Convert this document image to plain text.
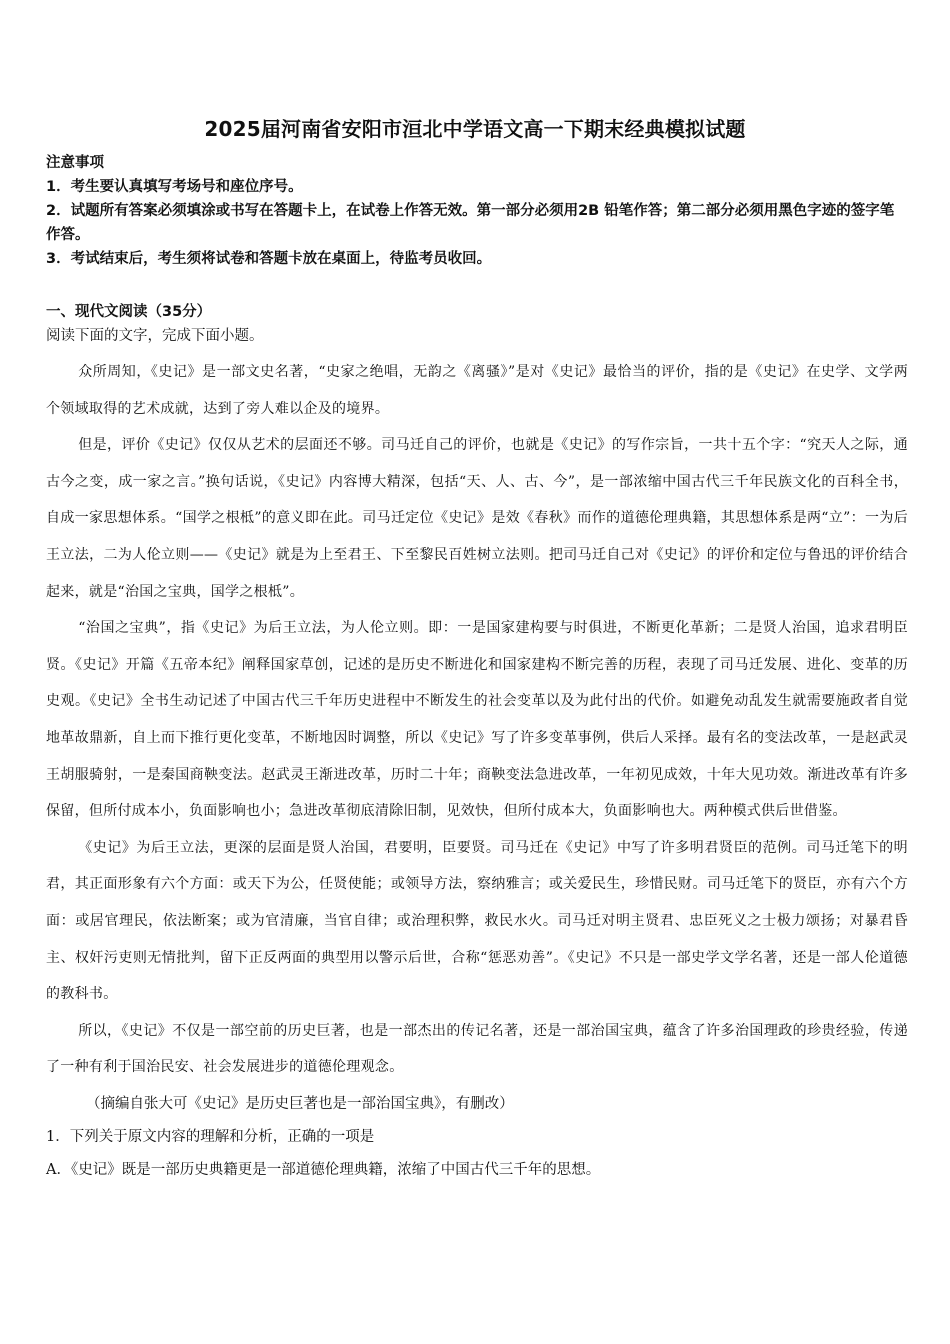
2025届河南省安阳市洹北中学语文高一下期末经典模拟试题
注意事项
1．考生要认真填写考场号和座位序号。
2．试题所有答案必须填涂或书写在答题卡上，在试卷上作答无效。第一部分必须用2B 铅笔作答；第二部分必须用黑色字迹的签字笔作答。
3．考试结束后，考生须将试卷和答题卡放在桌面上，待监考员收回。
一、现代文阅读（35分）
阅读下面的文字，完成下面小题。

众所周知，《史记》是一部文史名著，“史家之绝唱，无韵之《离骚》”是对《史记》最恰当的评价，指的是《史记》在史学、文学两个领域取得的艺术成就，达到了旁人难以企及的境界。

但是，评价《史记》仅仅从艺术的层面还不够。司马迁自己的评价，也就是《史记》的写作宗旨，一共十五个字：“究天人之际，通古今之变，成一家之言。”换句话说，《史记》内容博大精深，包括“天、人、古、今”，是一部浓缩中国古代三千年民族文化的百科全书，自成一家思想体系。“国学之根柢”的意义即在此。司马迁定位《史记》是效《春秋》而作的道德伦理典籍，其思想体系是两“立”：一为后王立法，二为人伦立则——《史记》就是为上至君王、下至黎民百姓树立法则。把司马迁自己对《史记》的评价和定位与鲁迅的评价结合起来，就是“治国之宝典，国学之根柢”。

“治国之宝典”，指《史记》为后王立法，为人伦立则。即：一是国家建构要与时俱进，不断更化革新；二是贤人治国，追求君明臣贤。《史记》开篇《五帝本纪》阐释国家草创，记述的是历史不断进化和国家建构不断完善的历程，表现了司马迁发展、进化、变革的历史观。《史记》全书生动记述了中国古代三千年历史进程中不断发生的社会变革以及为此付出的代价。如避免动乱发生就需要施政者自觉地革故鼎新，自上而下推行更化变革，不断地因时调整，所以《史记》写了许多变革事例，供后人采择。最有名的变法改革，一是赵武灵王胡服骑射，一是秦国商鞅变法。赵武灵王渐进改革，历时二十年；商鞅变法急进改革，一年初见成效，十年大见功效。渐进改革有许多保留，但所付成本小，负面影响也小；急进改革彻底清除旧制，见效快，但所付成本大，负面影响也大。两种模式供后世借鉴。

《史记》为后王立法，更深的层面是贤人治国，君要明，臣要贤。司马迁在《史记》中写了许多明君贤臣的范例。司马迁笔下的明君，其正面形象有六个方面：或天下为公，任贤使能；或领导方法，察纳雅言；或关爱民生，珍惜民财。司马迁笔下的贤臣，亦有六个方面：或居官理民，依法断案；或为官清廉，当官自律；或治理积弊，救民水火。司马迁对明主贤君、忠臣死义之士极力颂扬；对暴君昏主、权奸污吏则无情批判，留下正反两面的典型用以警示后世，合称“惩恶劝善”。《史记》不只是一部史学文学名著，还是一部人伦道德的教科书。

所以，《史记》不仅是一部空前的历史巨著，也是一部杰出的传记名著，还是一部治国宝典，蕴含了许多治国理政的珍贵经验，传递了一种有利于国治民安、社会发展进步的道德伦理观念。

（摘编自张大可《史记》是历史巨著也是一部治国宝典》，有删改）
1．下列关于原文内容的理解和分析，正确的一项是
A．《史记》既是一部历史典籍更是一部道德伦理典籍，浓缩了中国古代三千年的思想。
